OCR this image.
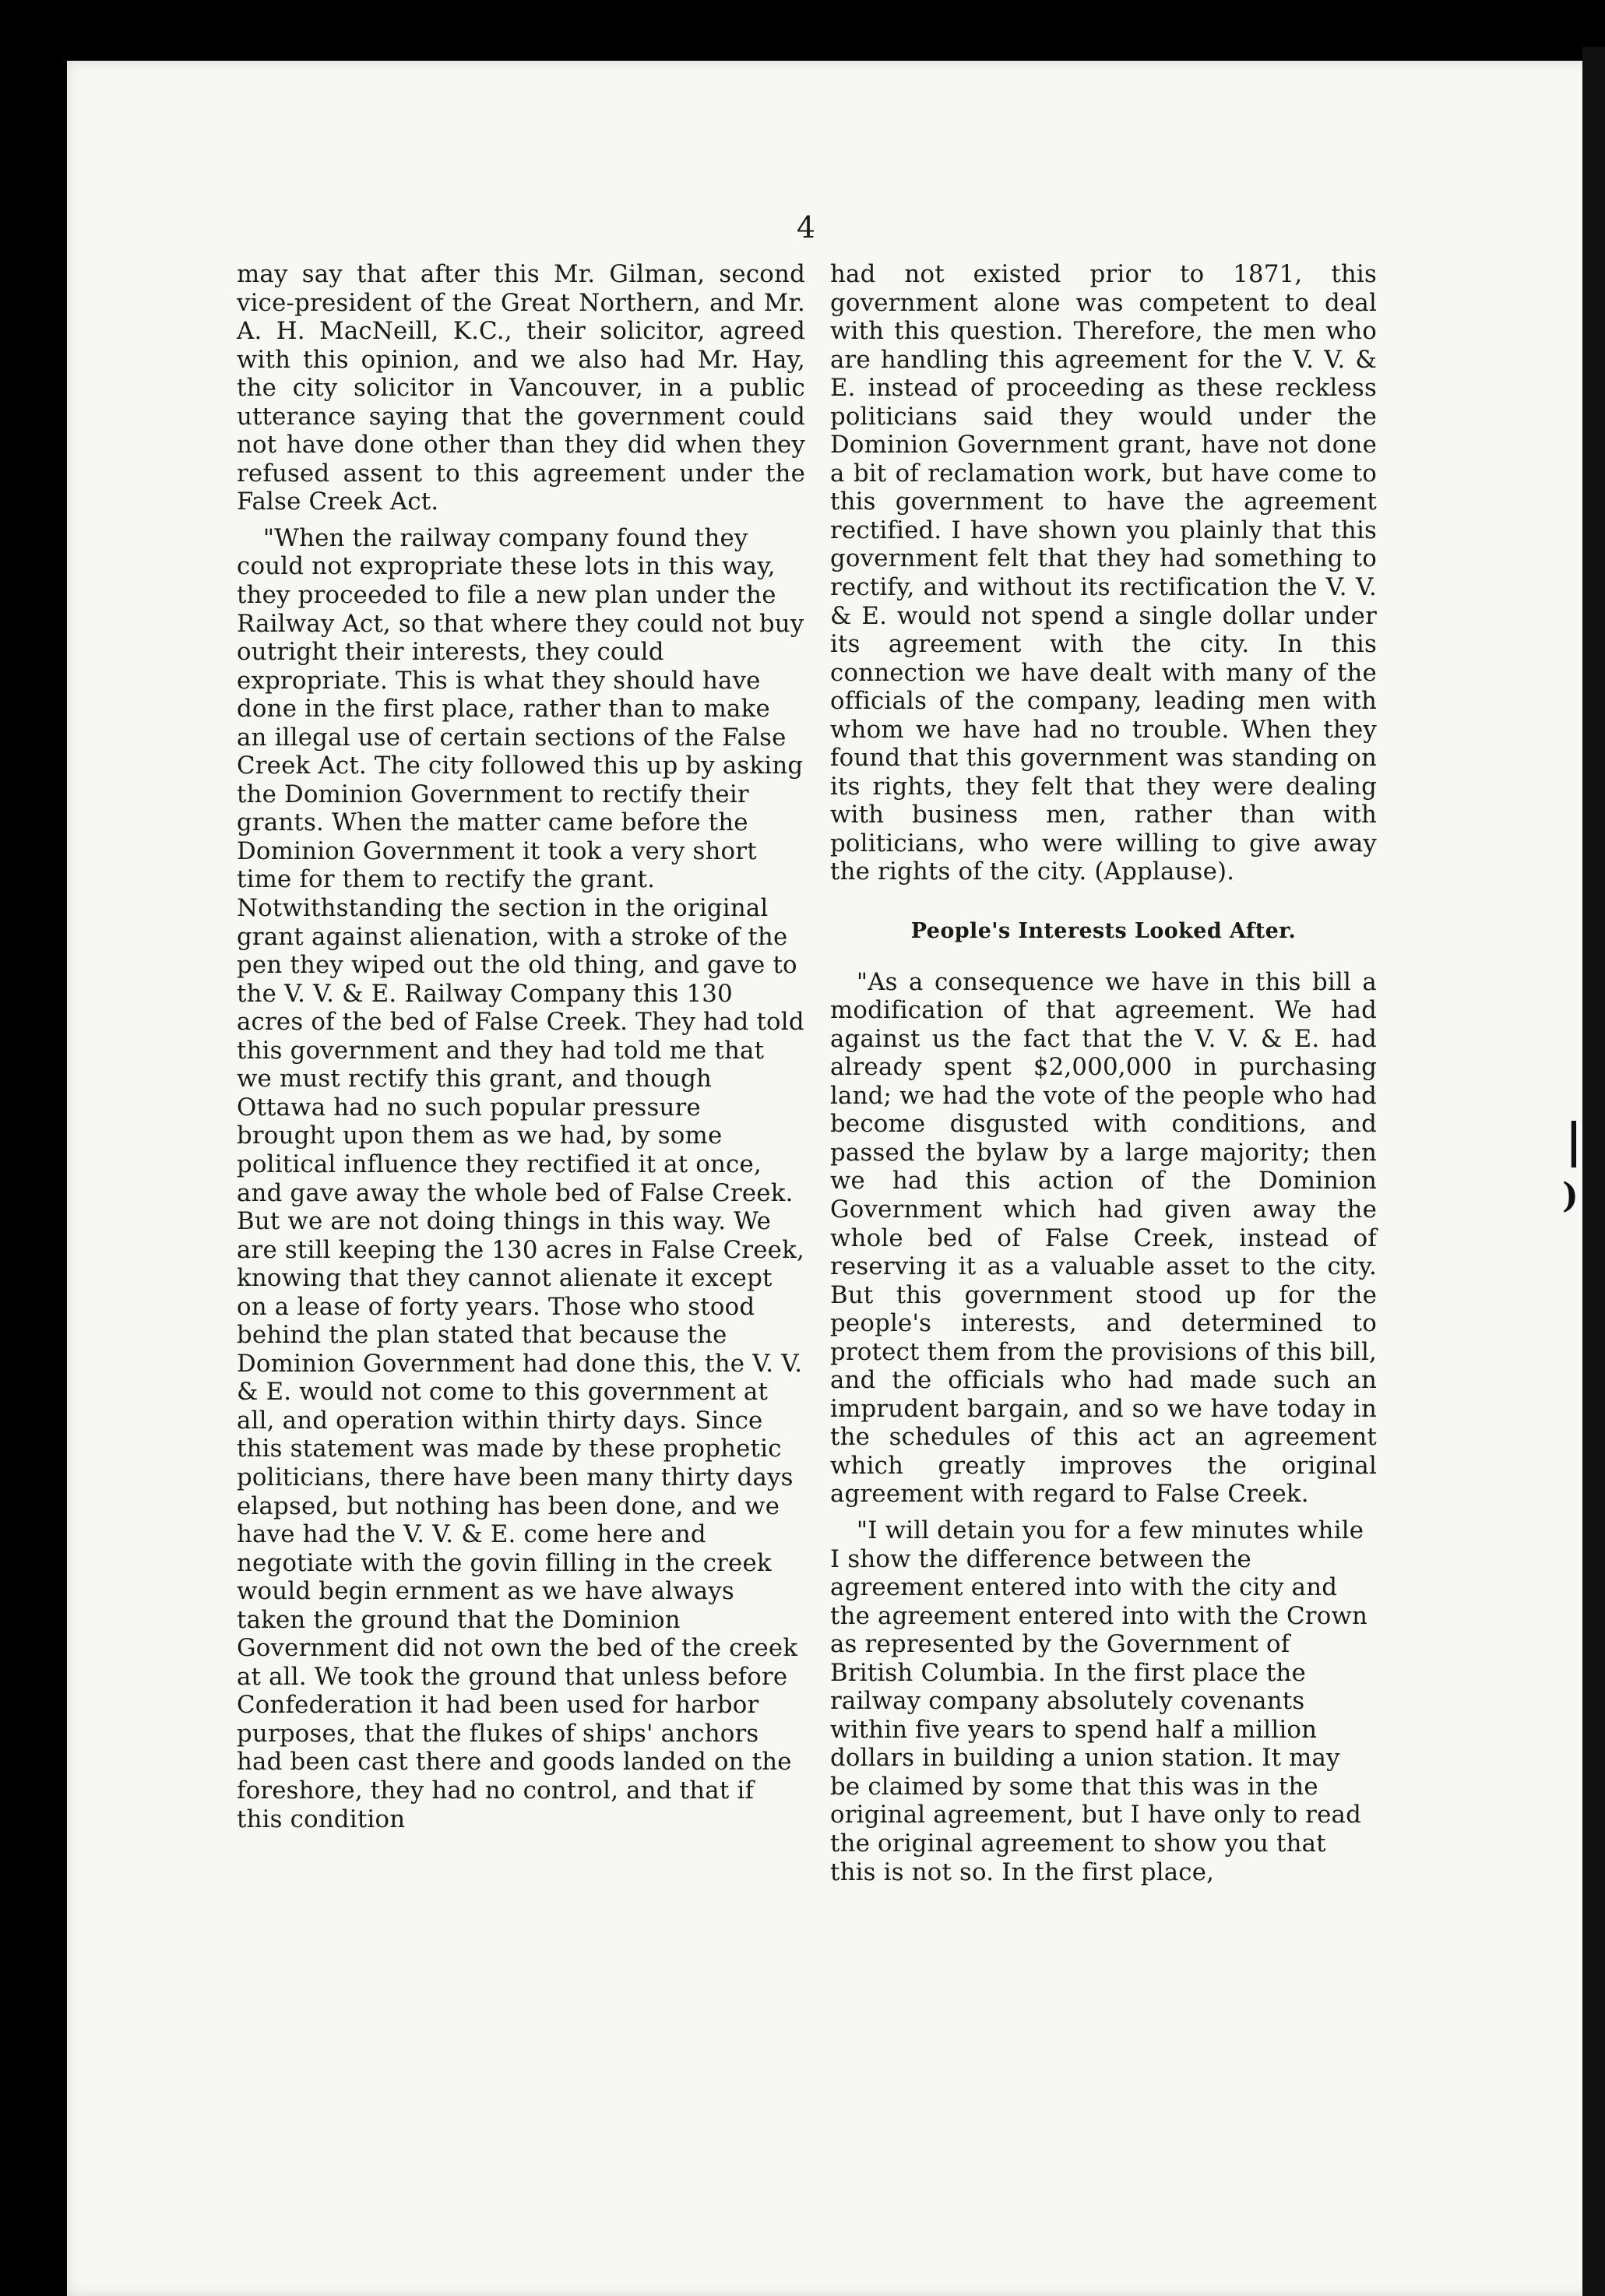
4

may say that after this Mr. Gilman, second vice-president of the Great Northern, and Mr. A. H. MacNeill, K.C., their solicitor, agreed with this opinion, and we also had Mr. Hay, the city solicitor in Vancouver, in a public utterance saying that the government could not have done other than they did when they refused assent to this agreement under the False Creek Act.

"When the railway company found they could not expropriate these lots in this way, they proceeded to file a new plan under the Railway Act, so that where they could not buy outright their interests, they could expropriate. This is what they should have done in the first place, rather than to make an illegal use of certain sections of the False Creek Act. The city followed this up by asking the Dominion Government to rectify their grants. When the matter came before the Dominion Government it took a very short time for them to rectify the grant. Notwithstanding the section in the original grant against alienation, with a stroke of the pen they wiped out the old thing, and gave to the V. V. & E. Railway Company this 130 acres of the bed of False Creek. They had told this government and they had told me that we must rectify this grant, and though Ottawa had no such popular pressure brought upon them as we had, by some political influence they rectified it at once, and gave away the whole bed of False Creek. But we are not doing things in this way. We are still keeping the 130 acres in False Creek, knowing that they cannot alienate it except on a lease of forty years. Those who stood behind the plan stated that because the Dominion Government had done this, the V. V. & E. would not come to this government at all, and operation within thirty days. Since this statement was made by these prophetic politicians, there have been many thirty days elapsed, but nothing has been done, and we have had the V. V. & E. come here and negotiate with the govin filling in the creek would begin ernment as we have always taken the ground that the Dominion Government did not own the bed of the creek at all. We took the ground that unless before Confederation it had been used for harbor purposes, that the flukes of ships' anchors had been cast there and goods landed on the foreshore, they had no control, and that if this condition

had not existed prior to 1871, this government alone was competent to deal with this question. Therefore, the men who are handling this agreement for the V. V. & E. instead of proceeding as these reckless politicians said they would under the Dominion Government grant, have not done a bit of reclamation work, but have come to this government to have the agreement rectified. I have shown you plainly that this government felt that they had something to rectify, and without its rectification the V. V. & E. would not spend a single dollar under its agreement with the city. In this connection we have dealt with many of the officials of the company, leading men with whom we have had no trouble. When they found that this government was standing on its rights, they felt that they were dealing with business men, rather than with politicians, who were willing to give away the rights of the city. (Applause).

People's Interests Looked After.

"As a consequence we have in this bill a modification of that agreement. We had against us the fact that the V. V. & E. had already spent $2,000,000 in purchasing land; we had the vote of the people who had become disgusted with conditions, and passed the bylaw by a large majority; then we had this action of the Dominion Government which had given away the whole bed of False Creek, instead of reserving it as a valuable asset to the city. But this government stood up for the people's interests, and determined to protect them from the provisions of this bill, and the officials who had made such an imprudent bargain, and so we have today in the schedules of this act an agreement which greatly improves the original agreement with regard to False Creek.

"I will detain you for a few minutes while I show the difference between the agreement entered into with the city and the agreement entered into with the Crown as represented by the Government of British Columbia. In the first place the railway company absolutely covenants within five years to spend half a million dollars in building a union station. It may be claimed by some that this was in the original agreement, but I have only to read the original agreement to show you that this is not so. In the first place,

|
)
